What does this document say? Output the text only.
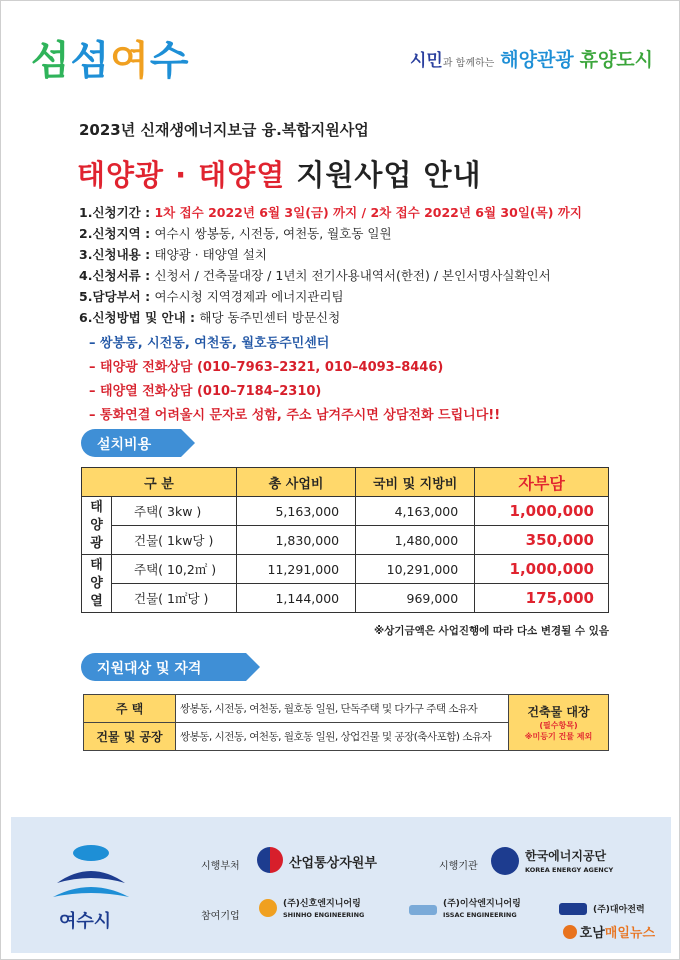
섬섬여수	시민과 함께하는 해양관광 휴양도시
2023년 신재생에너지보급 융.복합지원사업
태양광 · 태양열 지원사업 안내
1.신청기간 : 1차 접수 2022년 6월 3일(금) 까지 / 2차 접수 2022년 6월 30일(목) 까지
2.신청지역 : 여수시 쌍봉동, 시전동, 여천동, 월호동 일원
3.신청내용 : 태양광 · 태양열 설치
4.신청서류 : 신청서 / 건축물대장 / 1년치 전기사용내역서(한전) / 본인서명사실확인서
5.담당부서 : 여수시청 지역경제과 에너지관리팀
6.신청방법 및 안내 : 해당 동주민센터 방문신청
– 쌍봉동, 시전동, 여천동, 월호동주민센터
– 태양광 전화상담 (010–7963–2321, 010–4093–8446)
– 태양열 전화상담 (010–7184–2310)
– 통화연결 어려울시 문자로 성함, 주소 남겨주시면 상담전화 드립니다!!
설치비용
구 분		총 사업비	국비 및 지방비	자부담
태
양
광	주택( 3kw )	5,163,000	4,163,000	1,000,000
	건물( 1kw당 )	1,830,000	1,480,000	350,000
태
양
열	주택( 10,2㎡ )	11,291,000	10,291,000	1,000,000
	건물( 1㎡당 )	1,144,000	969,000	175,000
※상기금액은 사업진행에 따라 다소 변경될 수 있음
지원대상 및 자격
주 택	쌍봉동, 시전동, 여천동, 월호동 일원, 단독주택 및 다가구 주택 소유자	건축물 대장
(필수항목)
※미등기 건물 제외

건물 및 공장	쌍봉동, 시전동, 여천동, 월호동 일원, 상업건물 및 공장(축사포함) 소유자	
여수시
시행부처	산업통상자원부	시행기관
한국에너지공단
KOREA ENERGY AGENCY
참여기업
(주)신호엔지니어링
SHINHO ENGINEERING
(주)이삭엔지니어링
ISSAC ENGINEERING	(주)대아전력
호남매일뉴스
